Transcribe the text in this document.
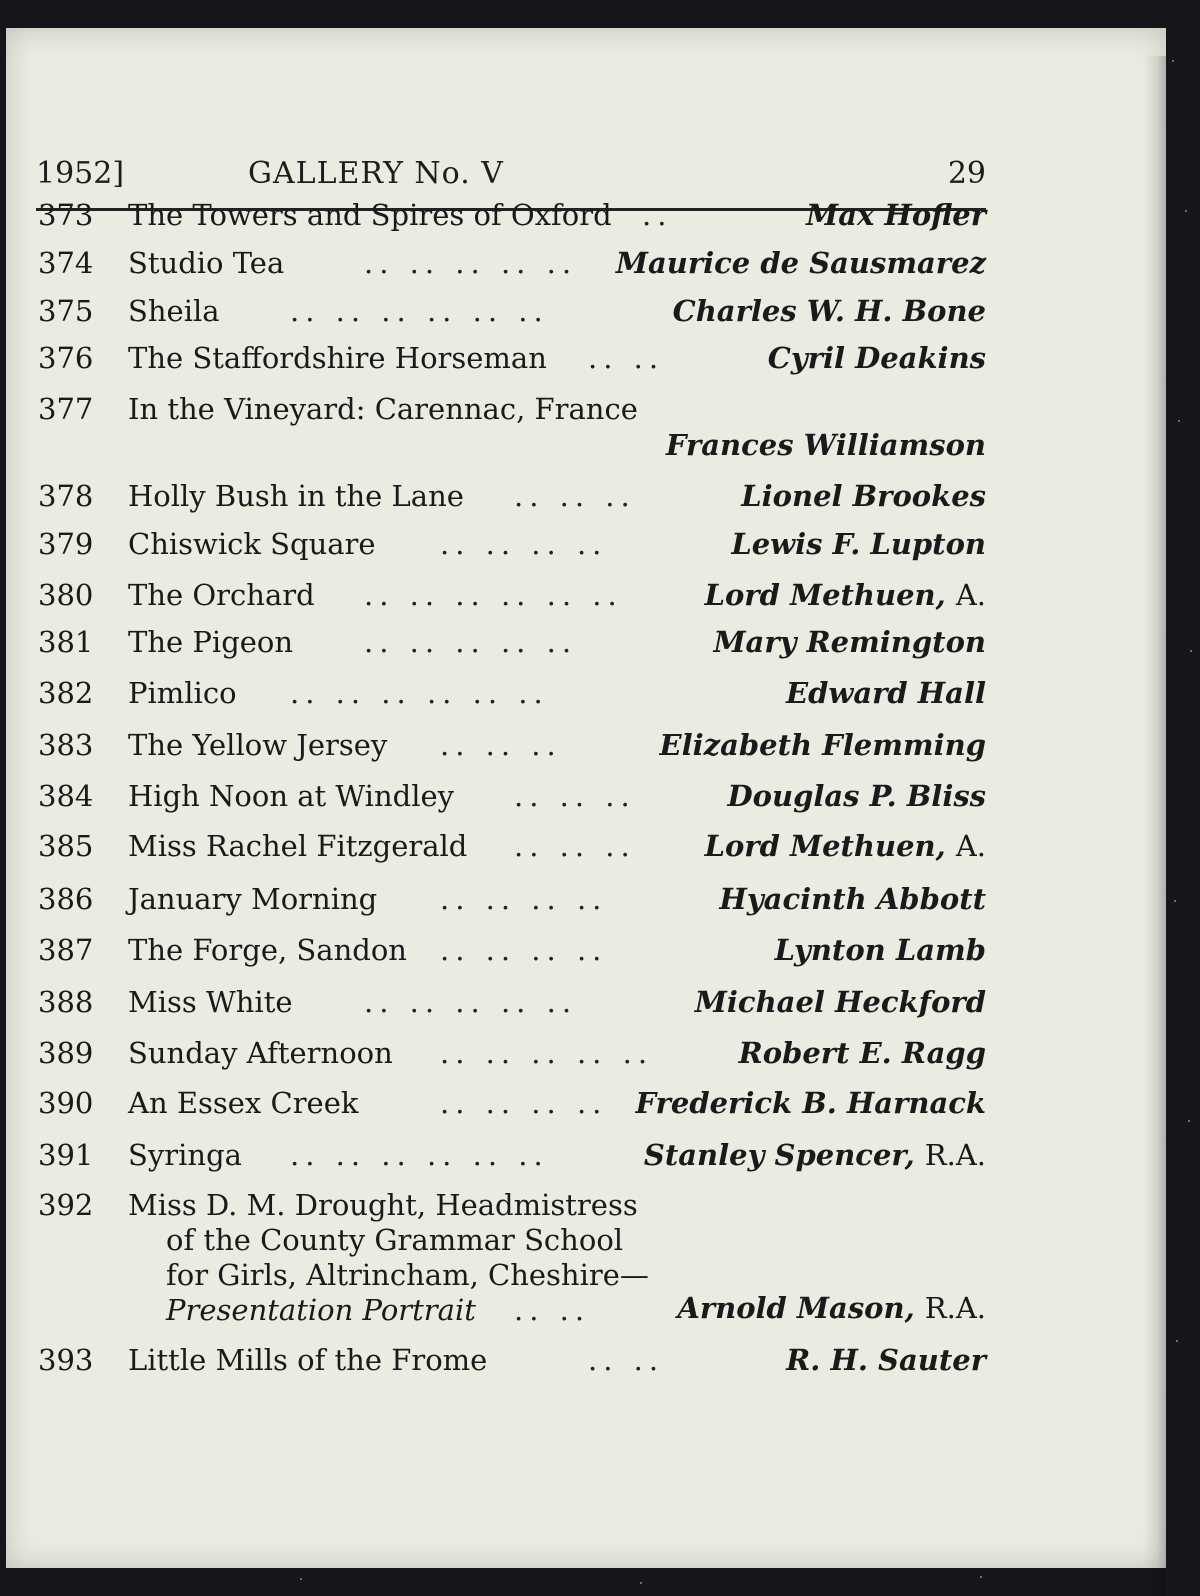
1952]	GALLERY No. V	29
373 The Towers and Spires of Oxford ..	Max Hofler
374 Studio Tea	.. .. .. .. .. Maurice de Sausmarez
375 Sheila .. .. .. .. .. ..	Charles W. H. Bone
376 The Staffordshire Horseman .. ..	Cyril Deakins
377 In the Vineyard: Carennac, France
Frances Williamson
378 Holly Bush in the Lane .. .. ..	Lionel Brookes
379 Chiswick Square .. .. .. ..	Lewis F. Lupton
380 The Orchard .. .. .. .. .. ..	Lord Methuen, A.
381 The Pigeon .. .. .. .. ..	Mary Remington
382 Pimlico .. .. .. .. .. ..	Edward Hall
383 The Yellow Jersey .. .. ..	Elizabeth Flemming
384 High Noon at Windley .. .. ..	Douglas P. Bliss
385 Miss Rachel Fitzgerald .. .. .. Lord Methuen, A.
386 January Morning .. .. .. ..	Hyacinth Abbott
387 The Forge, Sandon .. .. .. ..	Lynton Lamb
388 Miss White .. .. .. .. ..	Michael Heckford
389 Sunday Afternoon .. .. .. .. ..	Robert E. Ragg
390 An Essex Creek	.. .. .. .. Frederick B. Harnack
391 Syringa .. .. .. .. .. ..	Stanley Spencer, R.A.
392 Miss D. M. Drought, Headmistress
of the County Grammar School
for Girls, Altrincham, Cheshire—
Presentation Portrait .. ..	Arnold Mason, R.A.
393 Little Mills of the Frome	.. ..	R. H. Sauter
